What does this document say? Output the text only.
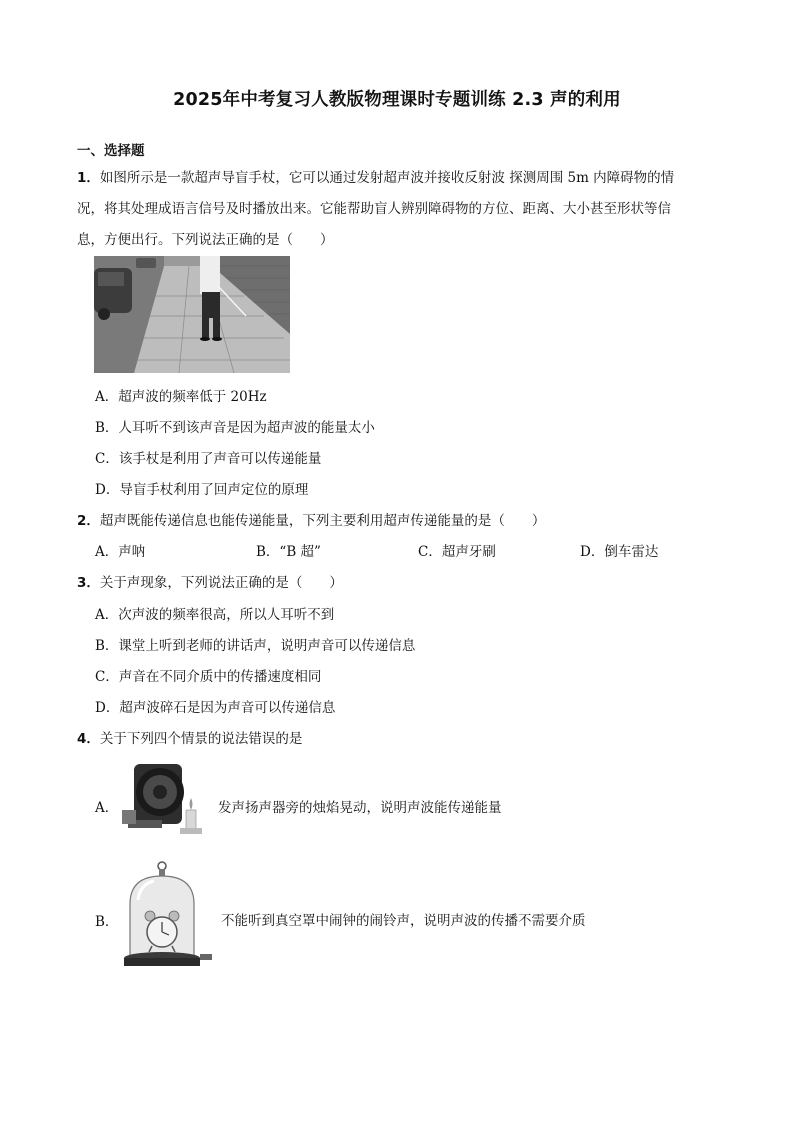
2025年中考复习人教版物理课时专题训练 2.3 声的利用
一、选择题
1．如图所示是一款超声导盲手杖，它可以通过发射超声波并接收反射波 探测周围 5m 内障碍物的情
况，将其处理成语言信号及时播放出来。它能帮助盲人辨别障碍物的方位、距离、大小甚至形状等信
息，方便出行。下列说法正确的是（　　）
A．超声波的频率低于 20Hz
B．人耳听不到该声音是因为超声波的能量太小
C．该手杖是利用了声音可以传递能量
D．导盲手杖利用了回声定位的原理
2．超声既能传递信息也能传递能量，下列主要利用超声传递能量的是（　　）
A．声呐	B．“B 超”	C．超声牙刷	D．倒车雷达
3．关于声现象，下列说法正确的是（　　）
A．次声波的频率很高，所以人耳听不到
B．课堂上听到老师的讲话声，说明声音可以传递信息
C．声音在不同介质中的传播速度相同
D．超声波碎石是因为声音可以传递信息
4．关于下列四个情景的说法错误的是
A．	发声扬声器旁的烛焰晃动，说明声波能传递能量
B．	不能听到真空罩中闹钟的闹铃声，说明声波的传播不需要介质
